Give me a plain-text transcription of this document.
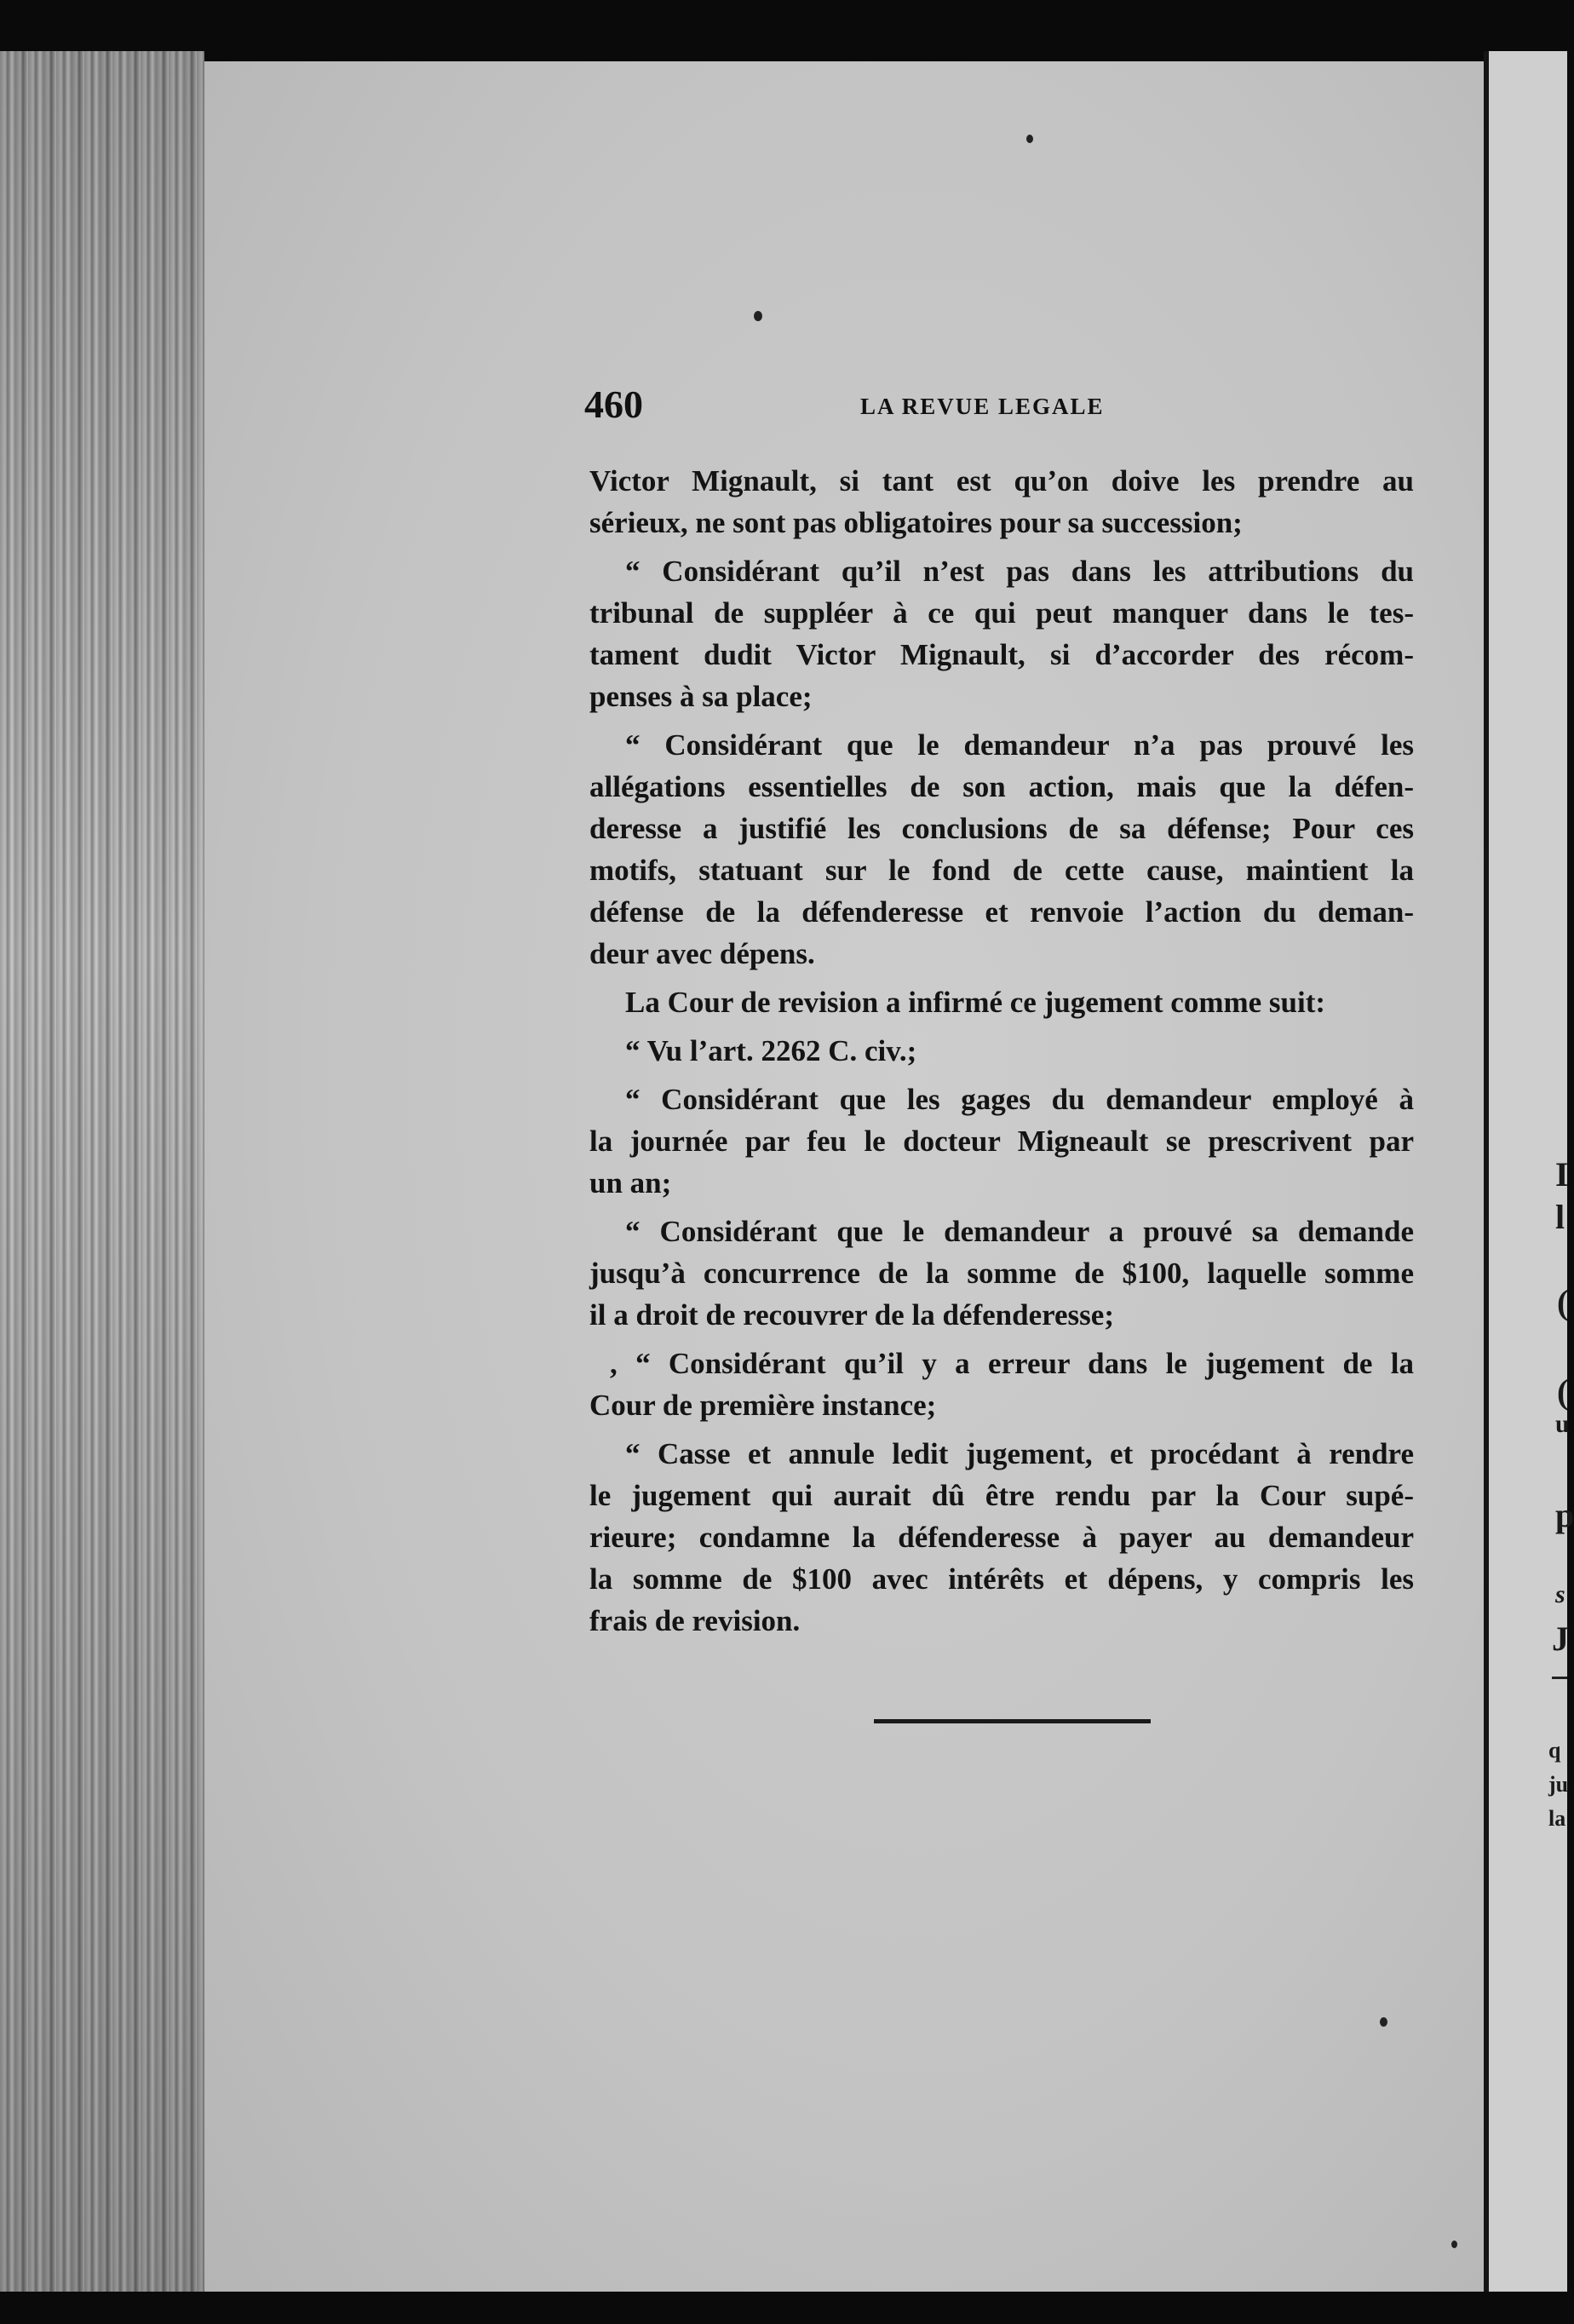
I
l
(
(
u
p
s
J
q
ju
la
460	LA REVUE LEGALE
Victor Mignault, si tant est qu’on doive les prendre au
sérieux, ne sont pas obligatoires pour sa succession;
“ Considérant qu’il n’est pas dans les attributions du
tribunal de suppléer à ce qui peut manquer dans le tes-
tament dudit Victor Mignault, si d’accorder des récom-
penses à sa place;
“ Considérant que le demandeur n’a pas prouvé les
allégations essentielles de son action, mais que la défen-
deresse a justifié les conclusions de sa défense; Pour ces
motifs, statuant sur le fond de cette cause, maintient la
défense de la défenderesse et renvoie l’action du deman-
deur avec dépens.
La Cour de revision a infirmé ce jugement comme suit:
“ Vu l’art. 2262 C. civ.;
“ Considérant que les gages du demandeur employé à
la journée par feu le docteur Migneault se prescrivent par
un an;
“ Considérant que le demandeur a prouvé sa demande
jusqu’à concurrence de la somme de $100, laquelle somme
il a droit de recouvrer de la défenderesse;
, “ Considérant qu’il y a erreur dans le jugement de la
Cour de première instance;
“ Casse et annule ledit jugement, et procédant à rendre
le jugement qui aurait dû être rendu par la Cour supé-
rieure; condamne la défenderesse à payer au demandeur
la somme de $100 avec intérêts et dépens, y compris les
frais de revision.
